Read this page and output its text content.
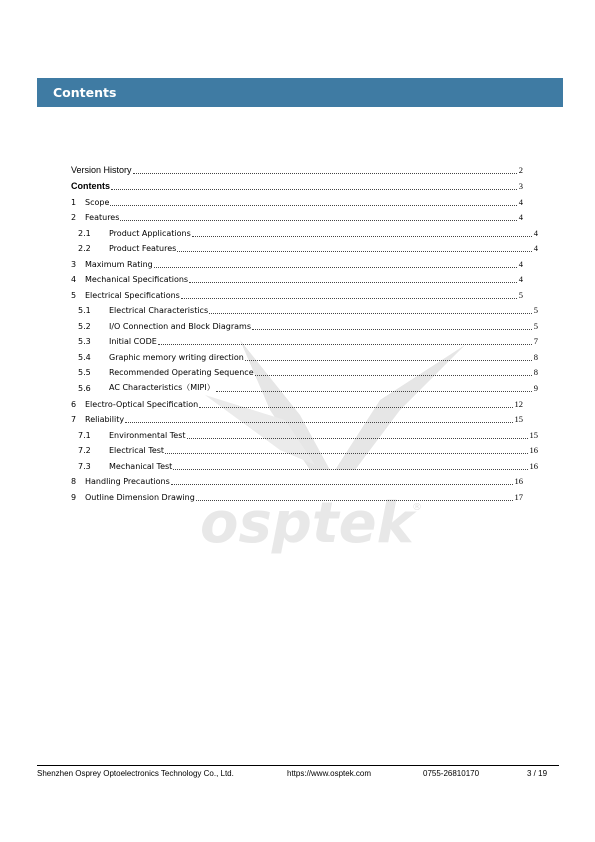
osptek
®
Contents
Version History	2
Contents	3
1	Scope	4
2	Features	4
2.1	Product Applications	4
2.2	Product Features	4
3	Maximum Rating	4
4	Mechanical Specifications	4
5	Electrical Specifications	5
5.1	Electrical Characteristics	5
5.2	I/O Connection and Block Diagrams	5
5.3	Initial CODE	7
5.4	Graphic memory writing direction	8
5.5	Recommended Operating Sequence	8
5.6	AC Characteristics（MIPI）	9
6	Electro-Optical Specification	12
7	Reliability	15
7.1	Environmental Test	15
7.2	Electrical Test	16
7.3	Mechanical Test	16
8	Handling Precautions	16
9	Outline Dimension Drawing	17
Shenzhen Osprey Optoelectronics Technology Co., Ltd.	https://www.osptek.com	0755-26810170	3 / 19
